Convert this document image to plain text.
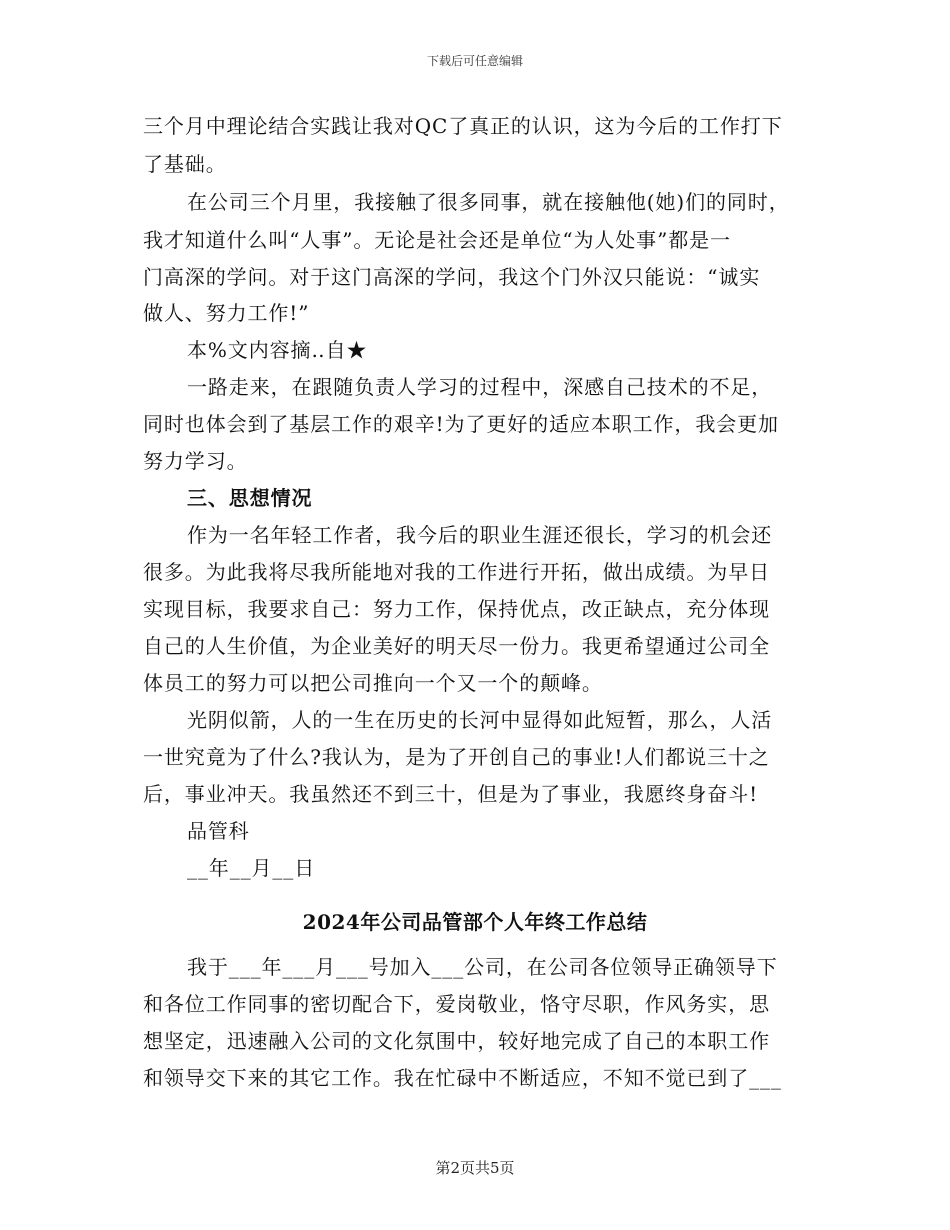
下载后可任意编辑
三个月中理论结合实践让我对QC了真正的认识，这为今后的工作打下
了基础。
在公司三个月里，我接触了很多同事，就在接触他(她)们的同时，
我才知道什么叫“人事”。无论是社会还是单位“为人处事”都是一
门高深的学问。对于这门高深的学问，我这个门外汉只能说：“诚实
做人、努力工作!”
本%文内容摘‥自★
一路走来，在跟随负责人学习的过程中，深感自己技术的不足，
同时也体会到了基层工作的艰辛!为了更好的适应本职工作，我会更加
努力学习。
三、思想情况
作为一名年轻工作者，我今后的职业生涯还很长，学习的机会还
很多。为此我将尽我所能地对我的工作进行开拓，做出成绩。为早日
实现目标，我要求自己：努力工作，保持优点，改正缺点，充分体现
自己的人生价值，为企业美好的明天尽一份力。我更希望通过公司全
体员工的努力可以把公司推向一个又一个的颠峰。
光阴似箭，人的一生在历史的长河中显得如此短暂，那么，人活
一世究竟为了什么?我认为，是为了开创自己的事业!人们都说三十之
后，事业冲天。我虽然还不到三十，但是为了事业，我愿终身奋斗!
品管科
__年__月__日
2024年公司品管部个人年终工作总结
我于___年___月___号加入___公司，在公司各位领导正确领导下
和各位工作同事的密切配合下，爱岗敬业，恪守尽职，作风务实，思
想坚定，迅速融入公司的文化氛围中，较好地完成了自己的本职工作
和领导交下来的其它工作。我在忙碌中不断适应，不知不觉已到了___
第2页共5页
